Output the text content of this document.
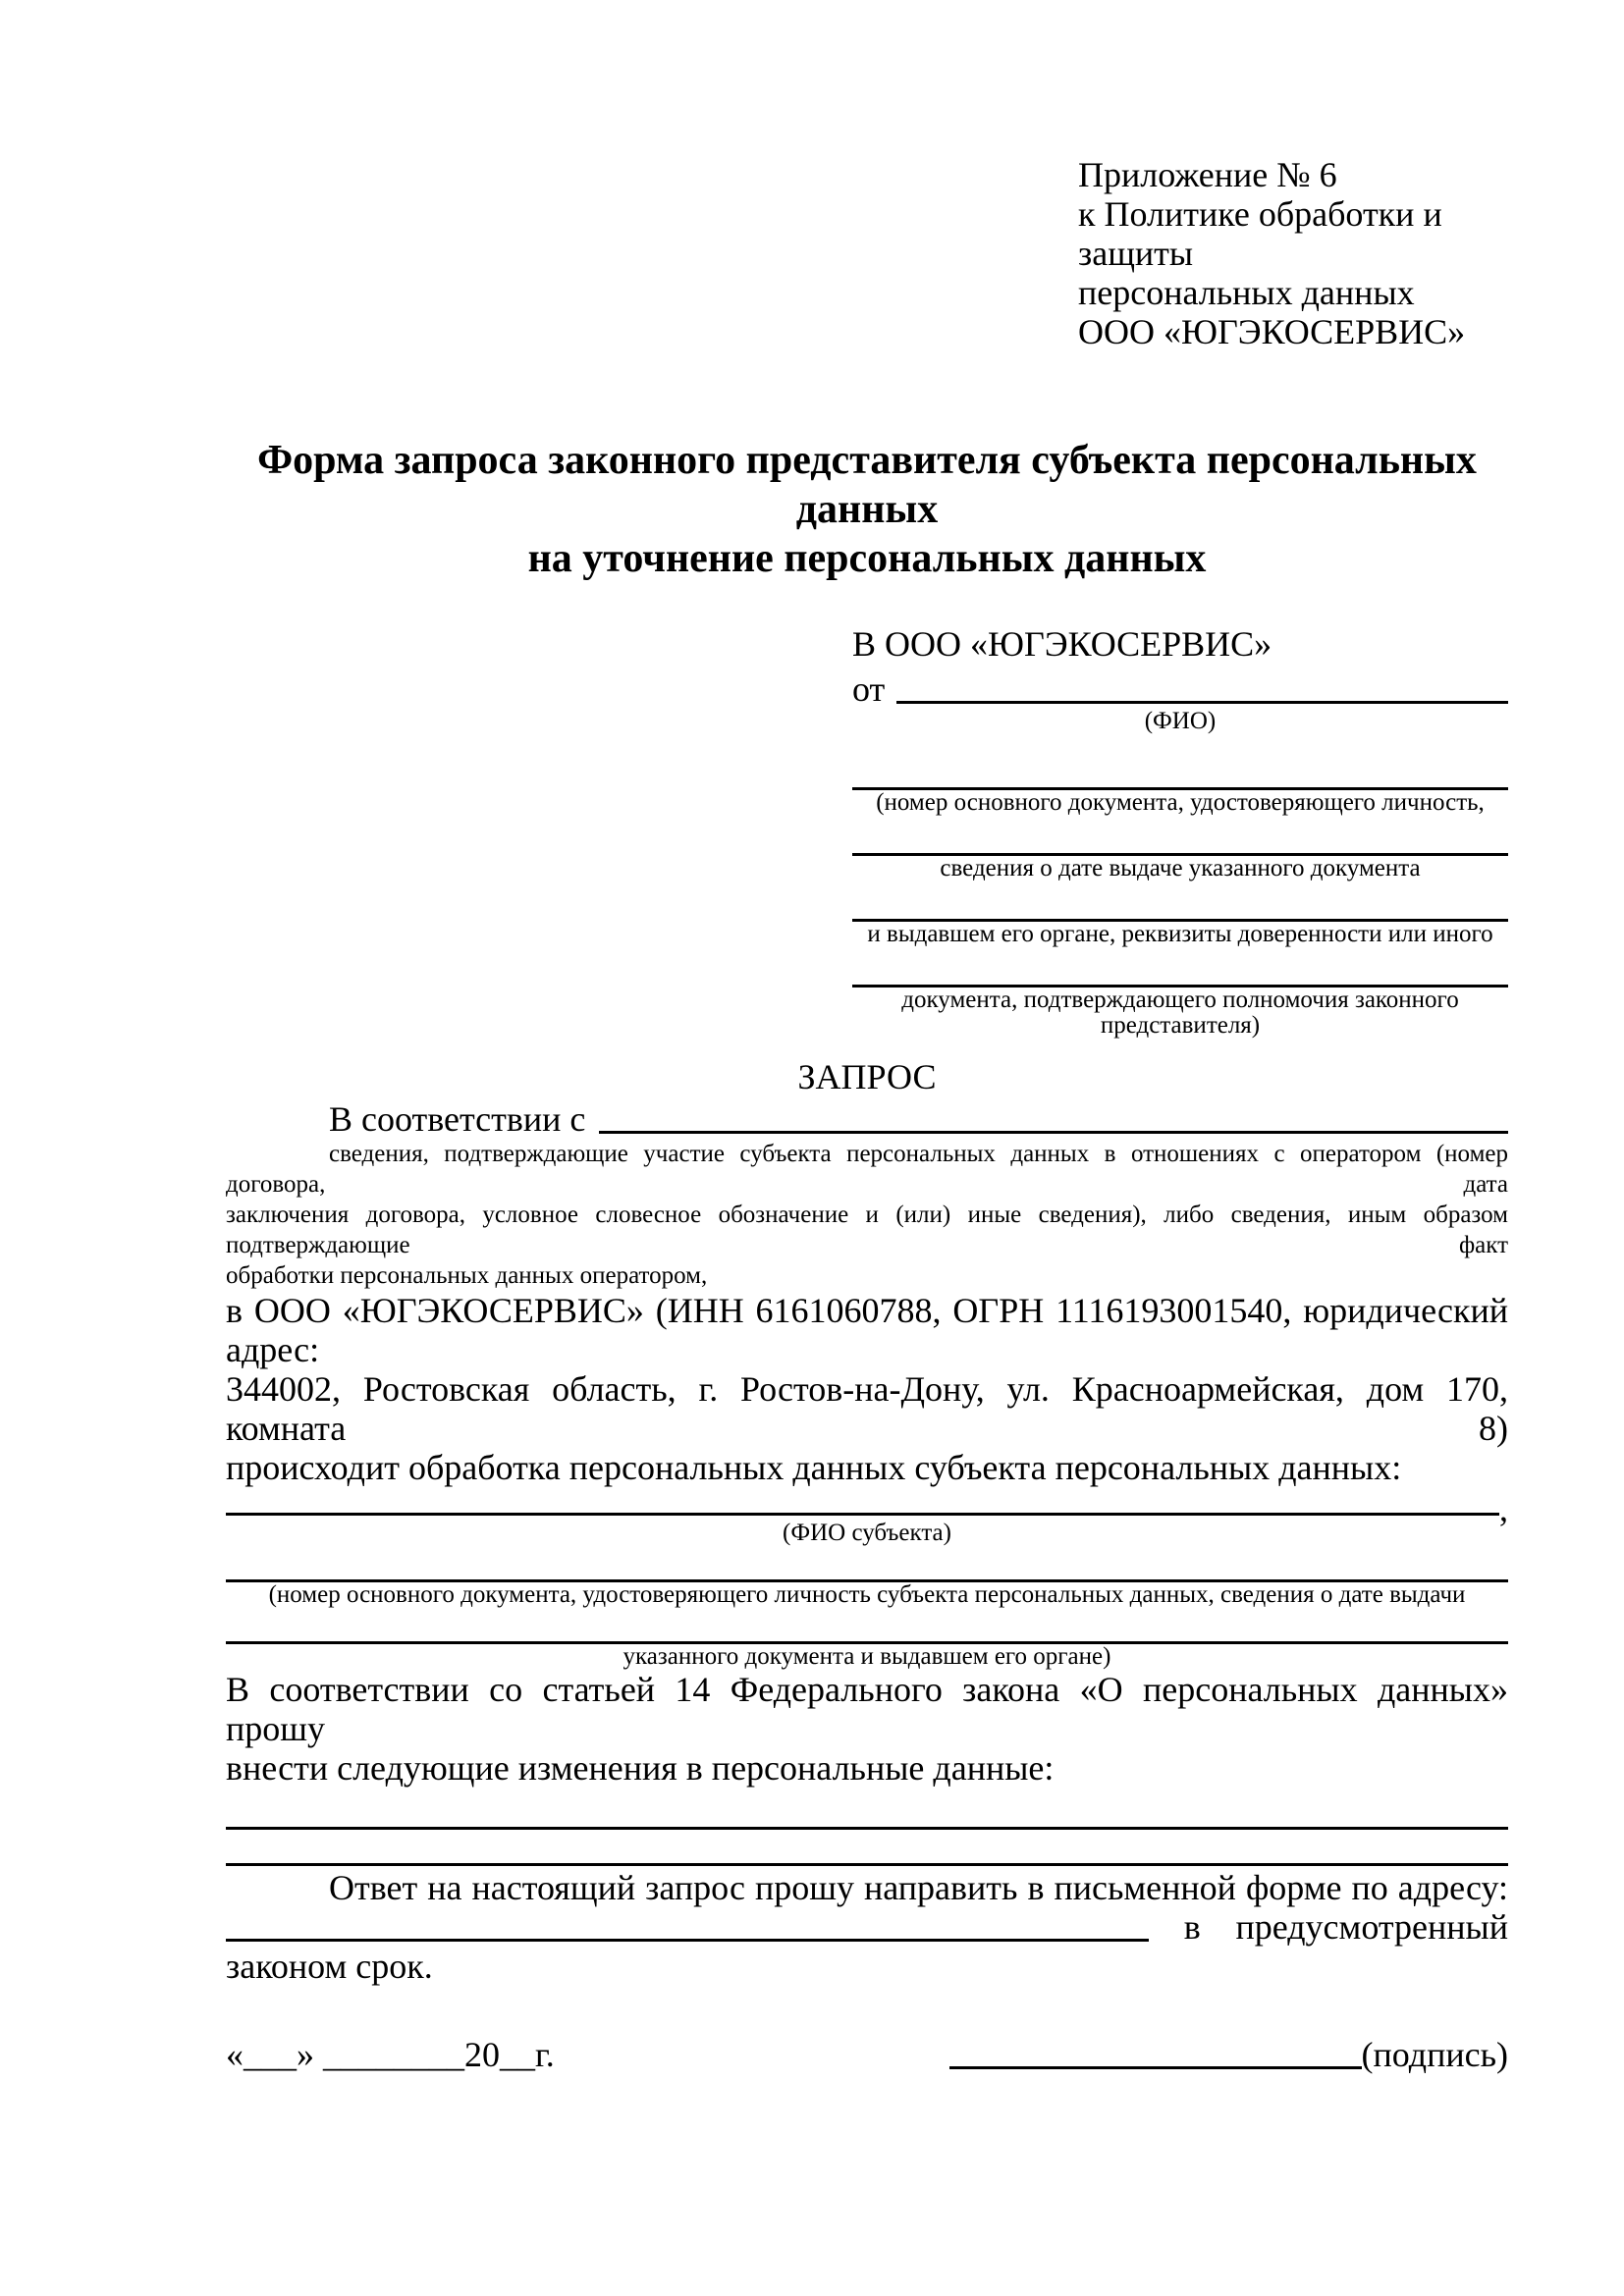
Приложение № 6
к Политике обработки и защиты
персональных данных
ООО «ЮГЭКОСЕРВИС»
Форма запроса законного представителя субъекта персональных данных
на уточнение персональных данных
В ООО «ЮГЭКОСЕРВИС»
от
(ФИО)
(номер основного документа, удостоверяющего личность,
сведения о дате выдаче указанного документа
и выдавшем его органе, реквизиты доверенности или иного
документа, подтверждающего полномочия законного представителя)
ЗАПРОС
В соответствии с
сведения, подтверждающие участие субъекта персональных данных в отношениях с оператором (номер договора, дата
заключения договора, условное словесное обозначение и (или) иные сведения), либо сведения, иным образом подтверждающие факт
обработки персональных данных оператором,
в ООО «ЮГЭКОСЕРВИС» (ИНН 6161060788, ОГРН 1116193001540, юридический адрес:
344002, Ростовская область, г. Ростов-на-Дону, ул. Красноармейская, дом 170, комната 8)
происходит обработка персональных данных субъекта персональных данных:
,
(ФИО субъекта)
(номер основного документа, удостоверяющего личность субъекта персональных данных, сведения о дате выдачи
указанного документа и выдавшем его органе)
В соответствии со статьей 14 Федерального закона «О персональных данных» прошу
внести следующие изменения в персональные данные:
Ответ на настоящий запрос прошу направить в письменной форме по адресу:
в предусмотренный
законом срок.
«___» ________20__г.	(подпись)
